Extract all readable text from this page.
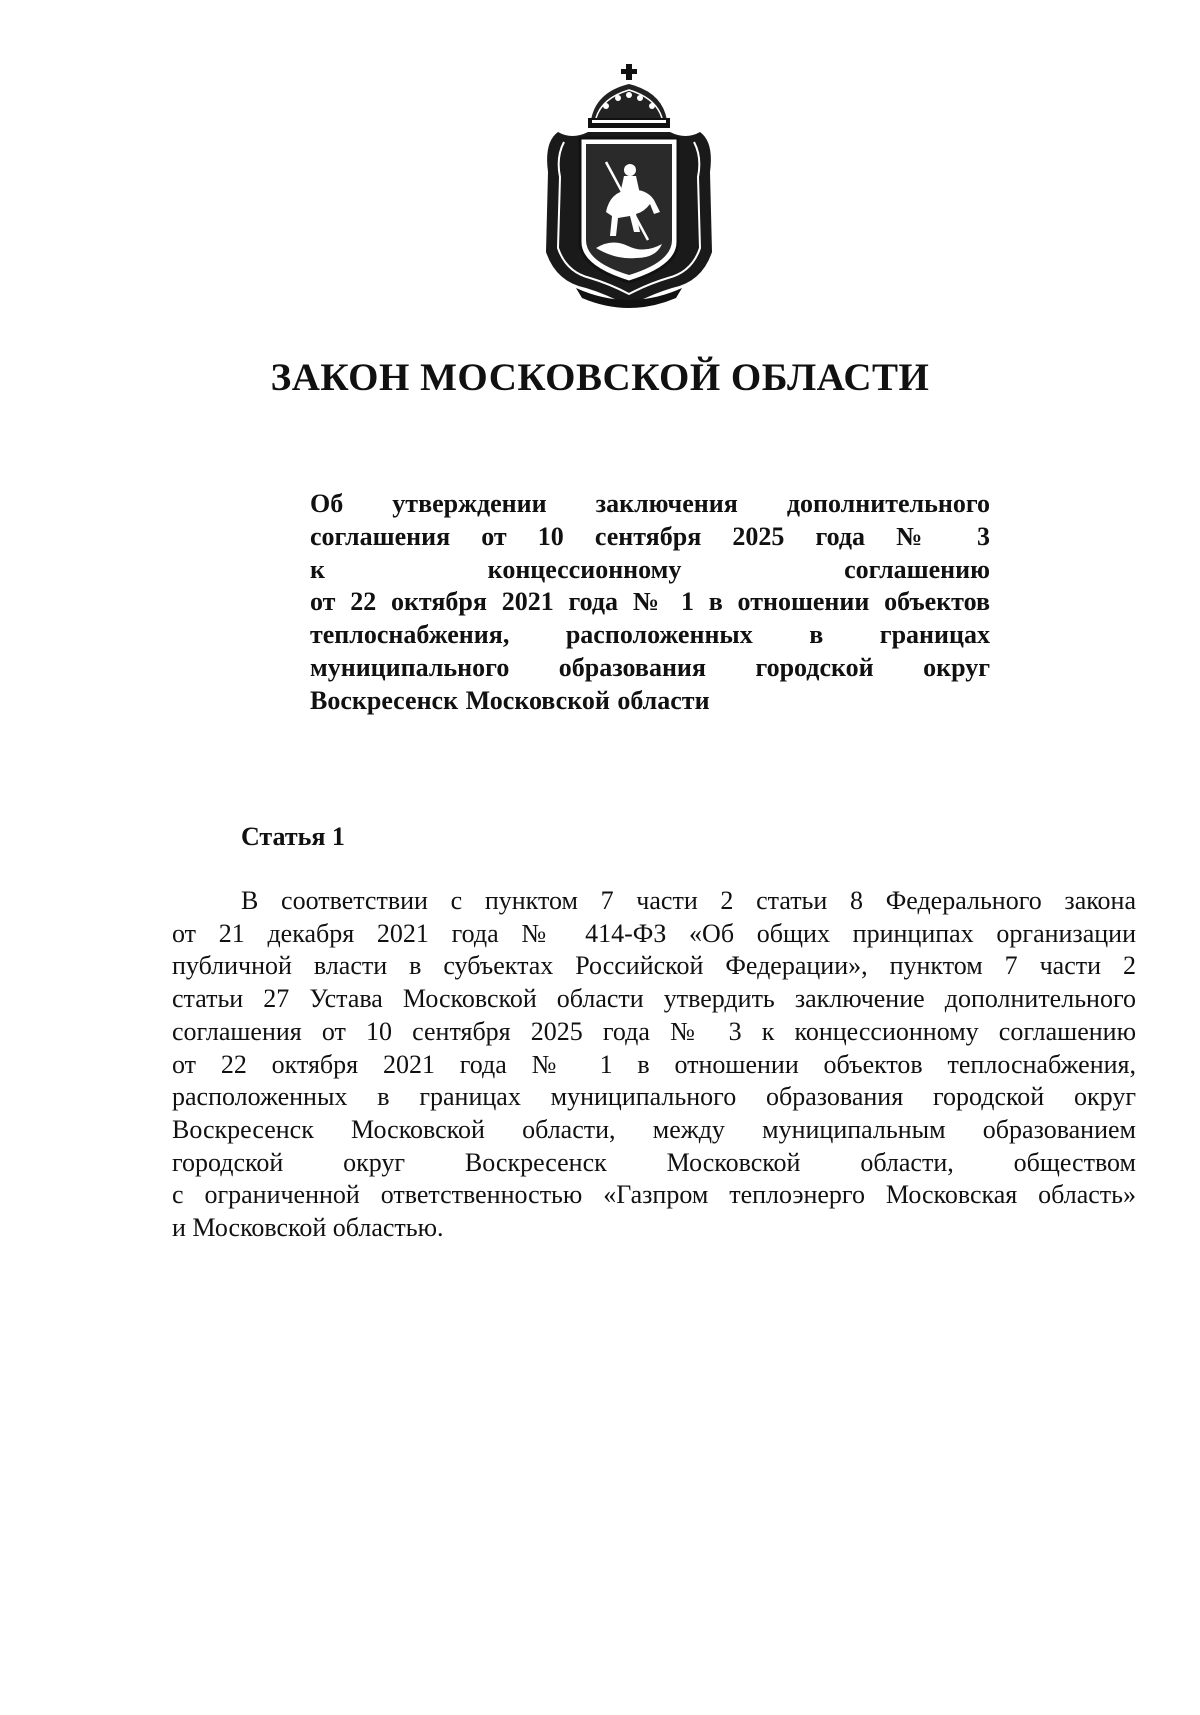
ЗАКОН МОСКОВСКОЙ ОБЛАСТИ
Об утверждении заключения дополнительного
соглашения от 10 сентября 2025 года № 3
к концессионному соглашению
от 22 октября 2021 года № 1 в отношении объектов
теплоснабжения, расположенных в границах
муниципального образования городской округ
Воскресенск Московской области
Статья 1
В соответствии с пунктом 7 части 2 статьи 8 Федерального закона
от 21 декабря 2021 года № 414-ФЗ «Об общих принципах организации
публичной власти в субъектах Российской Федерации», пунктом 7 части 2
статьи 27 Устава Московской области утвердить заключение дополнительного
соглашения от 10 сентября 2025 года № 3 к концессионному соглашению
от 22 октября 2021 года № 1 в отношении объектов теплоснабжения,
расположенных в границах муниципального образования городской округ
Воскресенск Московской области, между муниципальным образованием
городской округ Воскресенск Московской области, обществом
с ограниченной ответственностью «Газпром теплоэнерго Московская область»
и Московской областью.
